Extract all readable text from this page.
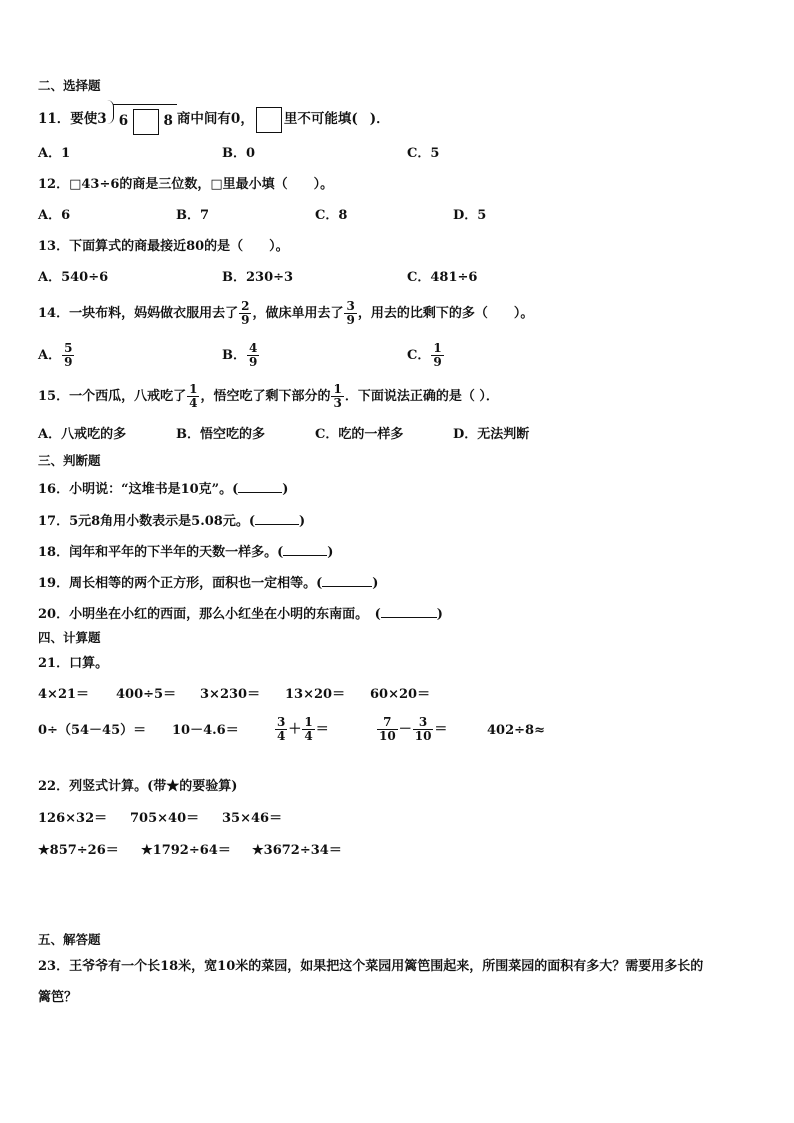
二、选择题
11．要使3 6	8 商中间有0， 里不可能填( )．
A．1	B．0	C．5
12．□43÷6的商是三位数，□里最小填（　　）。
A．6	B．7	C．8	D．5
13．下面算式的商最接近80的是（　　）。
A．540÷6	B．230÷3	C．481÷6
14．一块布料，妈妈做衣服用去了 $\frac{2}{9}$ ，做床单用去了 $\frac{3}{9}$ ，用去的比剩下的多（　　）。
A． $\frac{5}{9}$	B． $\frac{4}{9}$	C． $\frac{1}{9}$
15．一个西瓜，八戒吃了 $\frac{1}{4}$ ，悟空吃了剩下部分的 $\frac{1}{3}$ ．下面说法正确的是（ ）．
A．八戒吃的多	B．悟空吃的多	C．吃的一样多	D．无法判断
三、判断题
16．小明说：“这堆书是10克”。(	)
17．5元8角用小数表示是5.08元。(	)
18．闰年和平年的下半年的天数一样多。(	)
19．周长相等的两个正方形，面积也一定相等。(	)
20．小明坐在小红的西面，那么小红坐在小明的东南面。　(	)
四、计算题
21．口算。
4×21＝ 400÷5＝ 3×230＝ 13×20＝ 60×20＝
0÷（54－45）＝ 10－4.6＝	$\frac{3}{4} + \frac{1}{4}$ ＝	$\frac{7}{10} - \frac{3}{10}$ ＝	402÷8≈
22．列竖式计算。(带★的要验算)
126×32＝ 705×40＝ 35×46＝
★857÷26＝ ★1792÷64＝ ★3672÷34＝
五、解答题
23．王爷爷有一个长18米，宽10米的菜园，如果把这个菜园用篱笆围起来，所围菜园的面积有多大？需要用多长的
篱笆？
